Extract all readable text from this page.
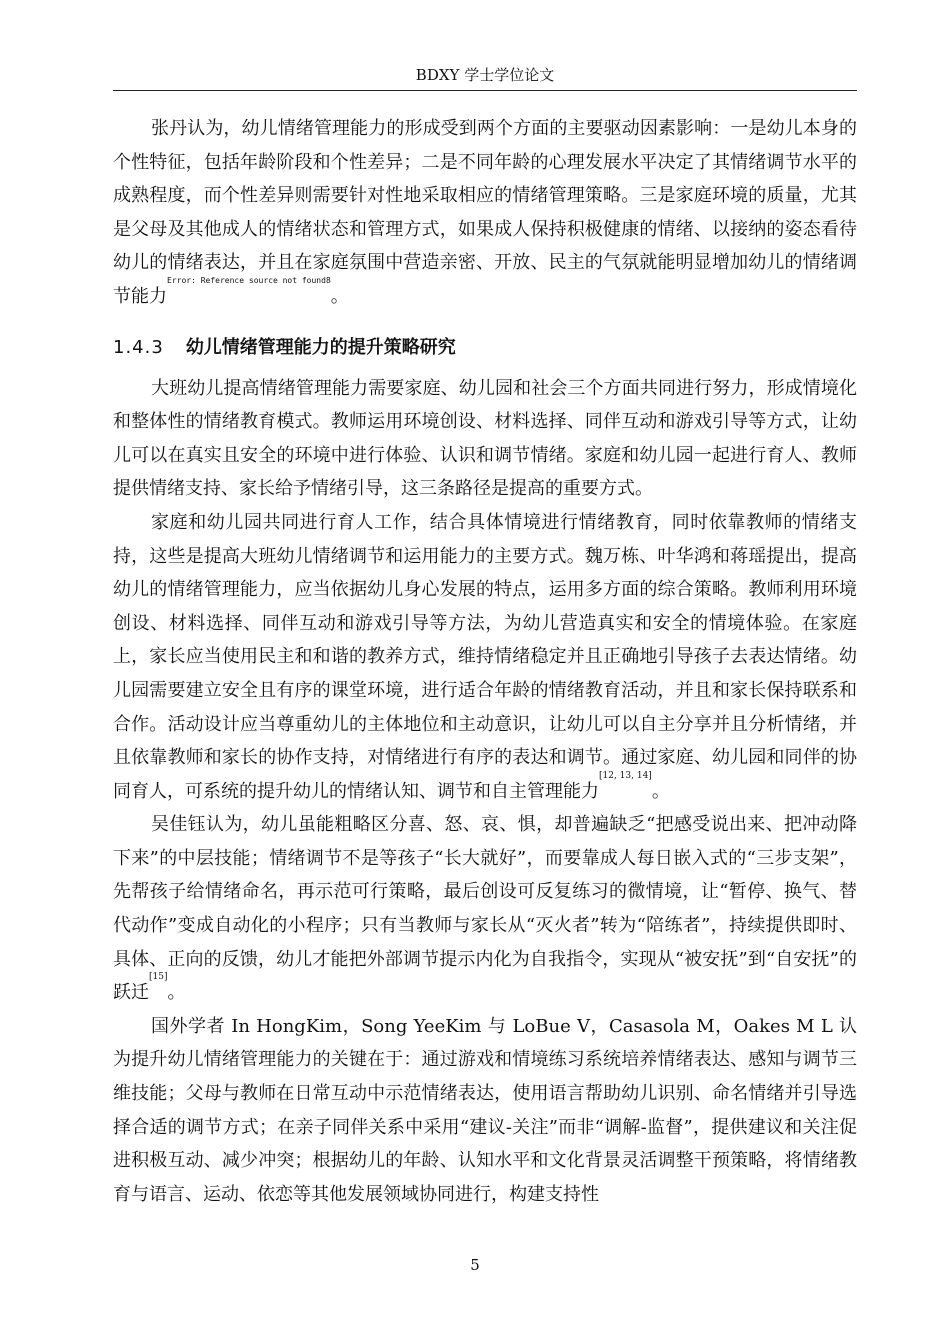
BDXY 学士学位论文

张丹认为，幼儿情绪管理能力的形成受到两个方面的主要驱动因素影响：一是幼儿本身的个性特征，包括年龄阶段和个性差异；二是不同年龄的心理发展水平决定了其情绪调节水平的成熟程度，而个性差异则需要针对性地采取相应的情绪管理策略。三是家庭环境的质量，尤其是父母及其他成人的情绪状态和管理方式，如果成人保持积极健康的情绪、以接纳的姿态看待幼儿的情绪表达，并且在家庭氛围中营造亲密、开放、民主的气氛就能明显增加幼儿的情绪调节能力$^{Error: Reference source not found8}$。

1.4.3 幼儿情绪管理能力的提升策略研究

大班幼儿提高情绪管理能力需要家庭、幼儿园和社会三个方面共同进行努力，形成情境化和整体性的情绪教育模式。教师运用环境创设、材料选择、同伴互动和游戏引导等方式，让幼儿可以在真实且安全的环境中进行体验、认识和调节情绪。家庭和幼儿园一起进行育人、教师提供情绪支持、家长给予情绪引导，这三条路径是提高的重要方式。

家庭和幼儿园共同进行育人工作，结合具体情境进行情绪教育，同时依靠教师的情绪支持，这些是提高大班幼儿情绪调节和运用能力的主要方式。魏万栋、叶华鸿和蒋瑶提出，提高幼儿的情绪管理能力，应当依据幼儿身心发展的特点，运用多方面的综合策略。教师利用环境创设、材料选择、同伴互动和游戏引导等方法，为幼儿营造真实和安全的情境体验。在家庭上，家长应当使用民主和和谐的教养方式，维持情绪稳定并且正确地引导孩子去表达情绪。幼儿园需要建立安全且有序的课堂环境，进行适合年龄的情绪教育活动，并且和家长保持联系和合作。活动设计应当尊重幼儿的主体地位和主动意识，让幼儿可以自主分享并且分析情绪，并且依靠教师和家长的协作支持，对情绪进行有序的表达和调节。通过家庭、幼儿园和同伴的协同育人，可系统的提升幼儿的情绪认知、调节和自主管理能力[12, 13, 14]。

吴佳钰认为，幼儿虽能粗略区分喜、怒、哀、惧，却普遍缺乏“把感受说出来、把冲动降下来”的中层技能；情绪调节不是等孩子“长大就好”，而要靠成人每日嵌入式的“三步支架”，先帮孩子给情绪命名，再示范可行策略，最后创设可反复练习的微情境，让“暂停、换气、替代动作”变成自动化的小程序；只有当教师与家长从“灭火者”转为“陪练者”，持续提供即时、具体、正向的反馈，幼儿才能把外部调节提示内化为自我指令，实现从“被安抚”到“自安抚”的跃迁[15]。

国外学者 In HongKim，Song YeeKim 与 LoBue V，Casasola M，Oakes M L 认为提升幼儿情绪管理能力的关键在于：通过游戏和情境练习系统培养情绪表达、感知与调节三维技能；父母与教师在日常互动中示范情绪表达，使用语言帮助幼儿识别、命名情绪并引导选择合适的调节方式；在亲子同伴关系中采用“建议-关注”而非“调解-监督”，提供建议和关注促进积极互动、减少冲突；根据幼儿的年龄、认知水平和文化背景灵活调整干预策略，将情绪教育与语言、运动、依恋等其他发展领域协同进行，构建支持性

5
